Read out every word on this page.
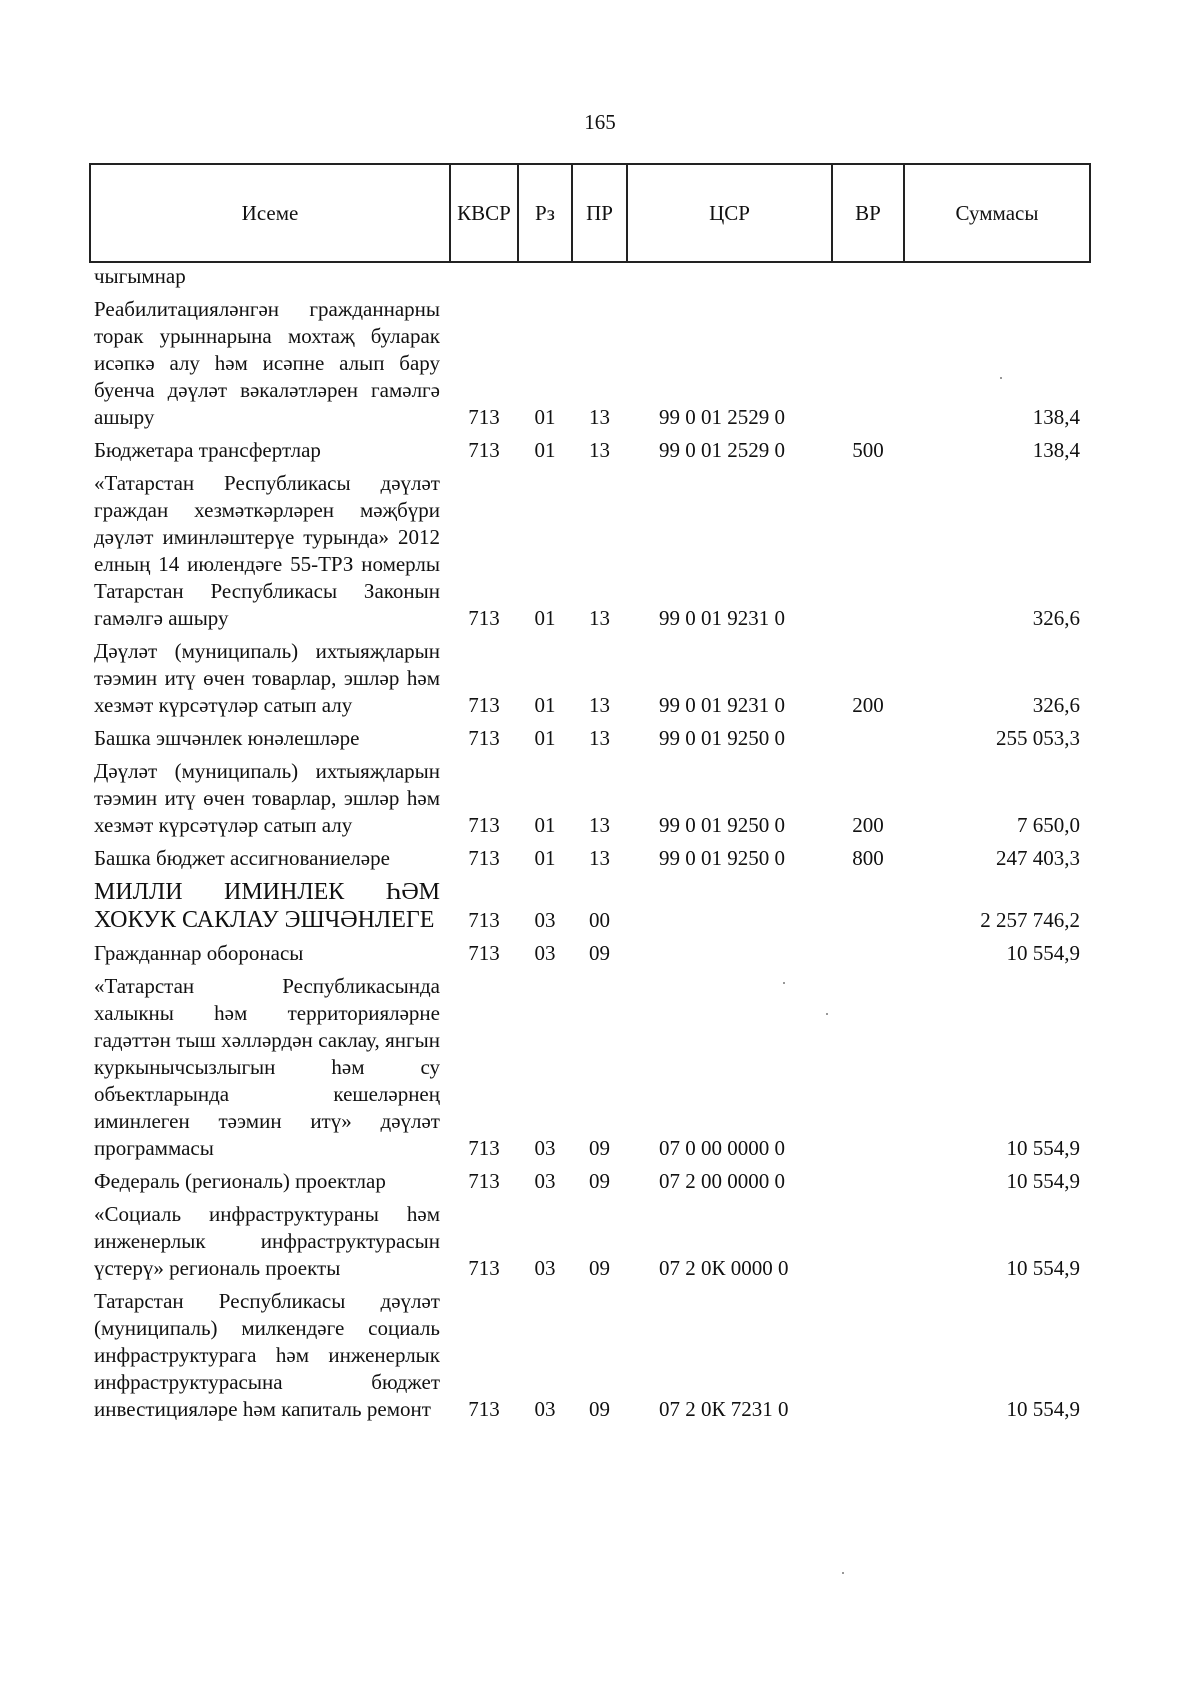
165
Исеме	КВСР	Рз	ПР	ЦСР	ВР	Суммасы
чыгымнар						
Реабилитациялəнгəн гражданнарны торак урыннарына мохтаҗ буларак исəпкə алу һəм исəпне алып бару буенча дəүлəт вəкалəтлəрен гамəлгə ашыру	713	01	13	99 0 01 2529 0		138,4
Бюджетара трансфертлар	713	01	13	99 0 01 2529 0	500	138,4
«Татарстан Республикасы дəүлəт граждан хезмəткəрлəрен мəҗбүри дəүлəт иминлəштерүе турында» 2012 елның 14 июлендəге 55-ТРЗ номерлы Татарстан Республикасы Законын гамəлгə ашыру	713	01	13	99 0 01 9231 0		326,6
Дəүлəт (муниципаль) ихтыяҗларын тəэмин итү өчен товарлар, эшлəр һəм хезмəт күрсəтүлəр сатып алу	713	01	13	99 0 01 9231 0	200	326,6
Башка эшчəнлек юнəлешлəре	713	01	13	99 0 01 9250 0		255 053,3
Дəүлəт (муниципаль) ихтыяҗларын тəэмин итү өчен товарлар, эшлəр һəм хезмəт күрсəтүлəр сатып алу	713	01	13	99 0 01 9250 0	200	7 650,0
Башка бюджет ассигнованиелəре	713	01	13	99 0 01 9250 0	800	247 403,3
МИЛЛИ ИМИНЛЕК ҺƏМ ХОКУК САКЛАУ ЭШЧƏНЛЕГЕ	713	03	00			2 257 746,2
Гражданнар оборонасы	713	03	09			10 554,9
«Татарстан Республикасында халыкны һəм территориялəрне гадəттəн тыш хəллəрдəн саклау, янгын куркынычсызлыгын һəм су объектларында кешелəрнең иминлеген тəэмин итү» дəүлəт программасы	713	03	09	07 0 00 0000 0		10 554,9
Федераль (региональ) проектлар	713	03	09	07 2 00 0000 0		10 554,9
«Социаль инфраструктураны һəм инженерлык инфраструктурасын үстерү» региональ проекты	713	03	09	07 2 0К 0000 0		10 554,9
Татарстан Республикасы дəүлəт (муниципаль) милкендəге социаль инфраструктурага һəм инженерлык инфраструктурасына бюджет инвестициялəре һəм капиталь ремонт	713	03	09	07 2 0К 7231 0		10 554,9
